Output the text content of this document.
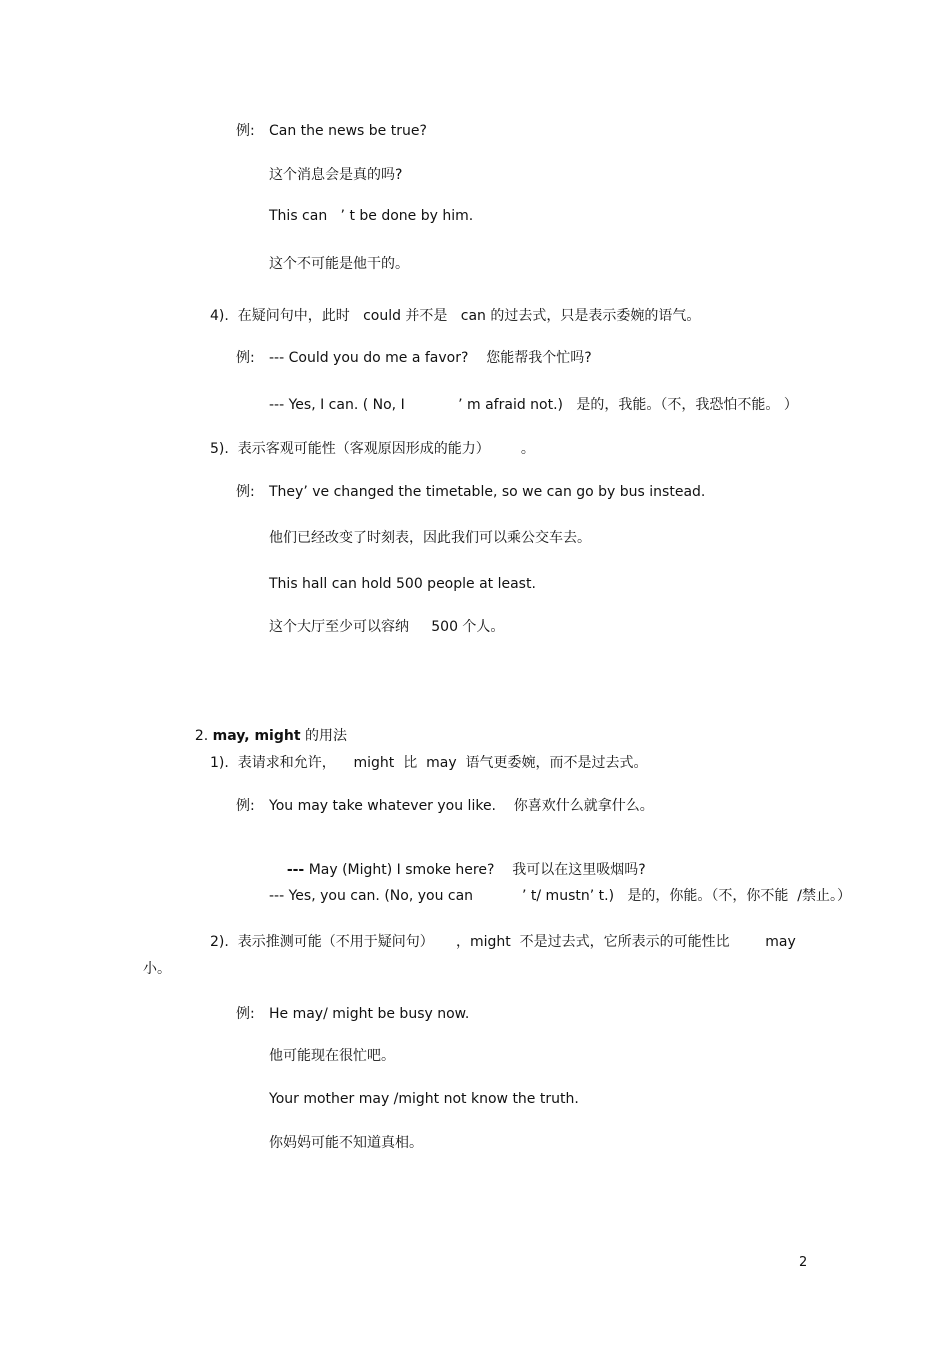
例: Can the news be true?
这个消息会是真的吗?
This can   ’ t be done by him.
这个不可能是他干的。
4).  在疑问句中，此时   could 并不是   can 的过去式，只是表示委婉的语气。
例: --- Could you do me a favor?    您能帮我个忙吗?
--- Yes, I can. ( No, I            ’ m afraid not.)   是的，我能。（不，我恐怕不能。 ）
5).  表示客观可能性（客观原因形成的能力）       。
例: They’ ve changed the timetable, so we can go by bus instead.
他们已经改变了时刻表，因此我们可以乘公交车去。
This hall can hold 500 people at least.
这个大厅至少可以容纳     500 个人。

2. may, might 的用法

1).  表请求和允许，    might  比  may  语气更委婉，而不是过去式。
例: You may take whatever you like.    你喜欢什么就拿什么。

--- May (Might) I smoke here?    我可以在这里吸烟吗?

--- Yes, you can. (No, you can           ’ t/ mustn’ t.)   是的，你能。（不，你不能  /禁止。）
2).  表示推测可能（不用于疑问句）     ，might  不是过去式，它所表示的可能性比        may
小。
例: He may/ might be busy now.
他可能现在很忙吧。
Your mother may /might not know the truth.
你妈妈可能不知道真相。
2
